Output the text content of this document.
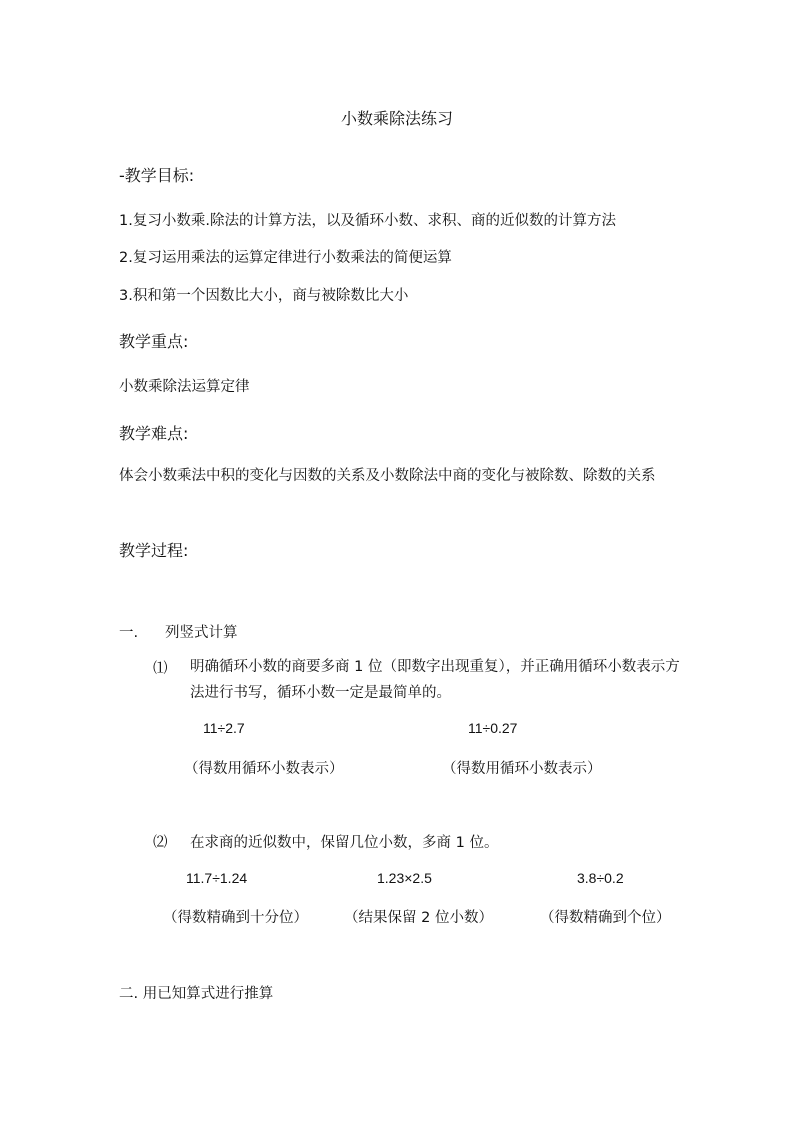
小数乘除法练习

-教学目标:

1.复习小数乘.除法的计算方法，以及循环小数、求积、商的近似数的计算方法

2.复习运用乘法的运算定律进行小数乘法的简便运算

3.积和第一个因数比大小，商与被除数比大小

教学重点:

小数乘除法运算定律

教学难点:

体会小数乘法中积的变化与因数的关系及小数除法中商的变化与被除数、除数的关系

教学过程:

一. 列竖式计算

⑴ 明确循环小数的商要多商 1 位（即数字出现重复），并正确用循环小数表示方法进行书写，循环小数一定是最简单的。

11÷2.7	11÷0.27

（得数用循环小数表示）	（得数用循环小数表示）

⑵ 在求商的近似数中，保留几位小数，多商 1 位。

11.7÷1.24	1.23×2.5	3.8÷0.2

（得数精确到十分位） （结果保留 2 位小数）	（得数精确到个位）

二. 用已知算式进行推算
